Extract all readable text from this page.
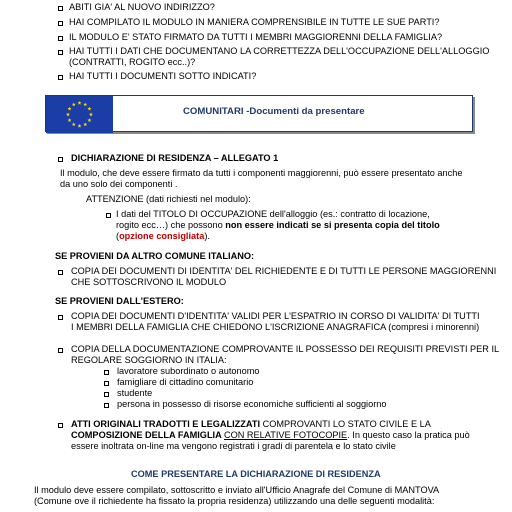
ABITI GIA' AL NUOVO INDIRIZZO?
HAI COMPILATO IL MODULO IN MANIERA COMPRENSIBILE IN TUTTE LE SUE PARTI?
IL MODULO E' STATO FIRMATO DA TUTTI I MEMBRI MAGGIORENNI DELLA FAMIGLIA?
HAI TUTTI I DATI CHE DOCUMENTANO LA CORRETTEZZA DELL'OCCUPAZIONE DELL'ALLOGGIO
(CONTRATTI, ROGITO ecc..)?
HAI TUTTI I DOCUMENTI SOTTO INDICATI?
COMUNITARI -Documenti da presentare
DICHIARAZIONE DI RESIDENZA – ALLEGATO 1
Il modulo, che deve essere firmato da tutti i componenti maggiorenni, può essere presentato anche
da uno solo dei componenti .
ATTENZIONE (dati richiesti nel modulo):
I dati del TITOLO DI OCCUPAZIONE dell'alloggio (es.: contratto di locazione,
rogito ecc…) che possono non essere indicati se si presenta copia del titolo
(opzione consigliata).
SE PROVIENI DA ALTRO COMUNE ITALIANO:
COPIA DEI DOCUMENTI DI IDENTITA' DEL RICHIEDENTE E DI TUTTI LE PERSONE MAGGIORENNI
CHE SOTTOSCRIVONO IL MODULO
SE PROVIENI DALL'ESTERO:
COPIA DEI DOCUMENTI D'IDENTITA' VALIDI PER L'ESPATRIO IN CORSO DI VALIDITA' DI TUTTI
I MEMBRI DELLA FAMIGLIA CHE CHIEDONO L'ISCRIZIONE ANAGRAFICA (compresi i minorenni)
COPIA DELLA DOCUMENTAZIONE COMPROVANTE IL POSSESSO DEI REQUISITI PREVISTI PER IL
REGOLARE SOGGIORNO IN ITALIA:
lavoratore subordinato o autonomo
famigliare di cittadino comunitario
studente
persona in possesso di risorse economiche sufficienti al soggiorno
ATTI ORIGINALI TRADOTTI E LEGALIZZATI COMPROVANTI LO STATO CIVILE E LA
COMPOSIZIONE DELLA FAMIGLIA CON RELATIVE FOTOCOPIE. In questo caso la pratica può
essere inoltrata on-line ma vengono registrati i gradi di parentela e lo stato civile
COME PRESENTARE LA DICHIARAZIONE DI RESIDENZA
Il modulo deve essere compilato, sottoscritto e inviato all'Ufficio Anagrafe del Comune di MANTOVA
(Comune ove il richiedente ha fissato la propria residenza) utilizzando una delle seguenti modalità:
